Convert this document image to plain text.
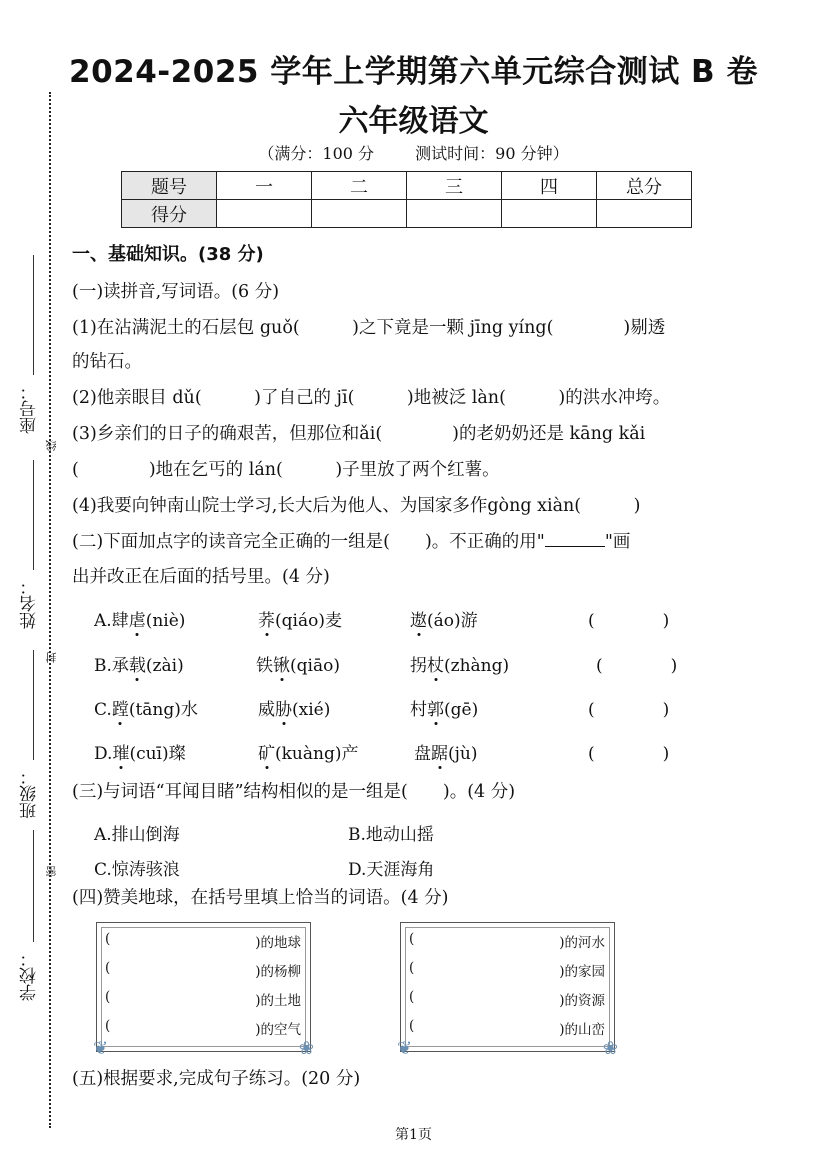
2024-2025 学年上学期第六单元综合测试 B 卷
六年级语文
（满分：100 分	测试时间：90 分钟）
题号	一	二	三	四	总分
得分					
座号：
线
姓名：
封
班级：
密
学校：
一、基础知识。(38 分)
(一)读拼音,写词语。(6 分)
(1)在沾满泥土的石层包 guǒ(　　　)之下竟是一颗 jīng yíng(　　　　)剔透
的钻石。
(2)他亲眼目 dǔ(　　　)了自己的 jī(　　　)地被泛 làn(　　　)的洪水冲垮。
(3)乡亲们的日子的确艰苦，但那位和ǎi(　　　　)的老奶奶还是 kāng kǎi
(　　　　)地在乞丐的 lán(　　　)子里放了两个红薯。
(4)我要向钟南山院士学习,长大后为他人、为国家多作gòng xiàn(　　　)
(二)下面加点字的读音完全正确的一组是(　　)。不正确的用"	"画
出并改正在后面的括号里。(4 分)
A.肆虐(niè)	荞(qiáo)麦	遨(áo)游	(　　　　)
B.承载(zài)	铁锹(qiāo)	拐杖(zhàng)	(　　　　)
C.蹚(tāng)水	威胁(xié)	村郭(gē)	(　　　　)
D.璀(cuī)璨	矿(kuàng)产	盘踞(jù)	(　　　　)
(三)与词语“耳闻目睹”结构相似的是一组是(　　)。(4 分)
A.排山倒海	B.地动山摇
C.惊涛骇浪	D.天涯海角
(四)赞美地球，在括号里填上恰当的词语。(4 分)
(	)的地球
(	)的杨柳
(	)的土地
(	)的空气
❦	❀
(	)的河水
(	)的家园
(	)的资源
(	)的山峦
❦	❀
(五)根据要求,完成句子练习。(20 分)
第1页
